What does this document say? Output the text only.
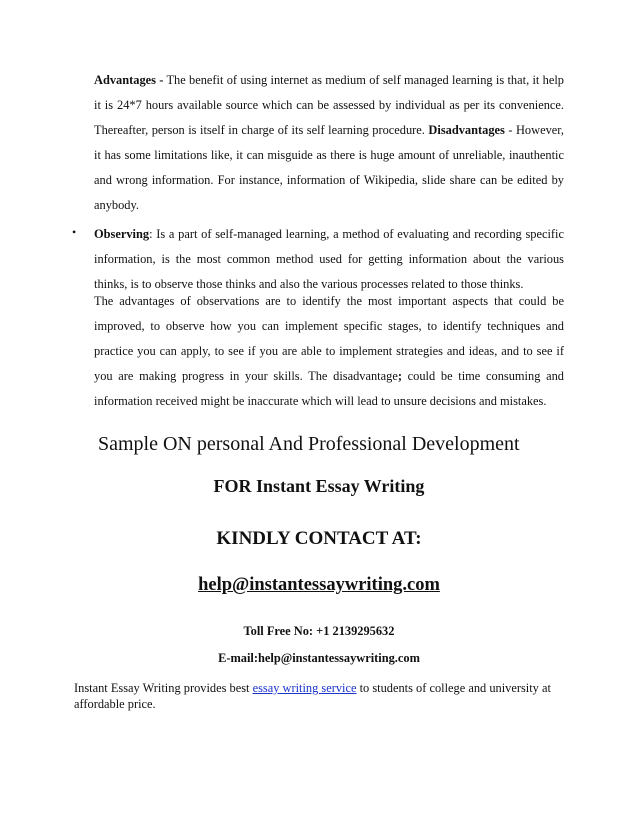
Advantages - The benefit of using internet as medium of self managed learning is that, it help it is 24*7 hours available source which can be assessed by individual as per its convenience. Thereafter, person is itself in charge of its self learning procedure. Disadvantages - However, it has some limitations like, it can misguide as there is huge amount of unreliable, inauthentic and wrong information. For instance, information of Wikipedia, slide share can be edited by anybody.
• Observing: Is a part of self-managed learning, a method of evaluating and recording specific information, is the most common method used for getting information about the various thinks, is to observe those thinks and also the various processes related to those thinks.
The advantages of observations are to identify the most important aspects that could be improved, to observe how you can implement specific stages, to identify techniques and practice you can apply, to see if you are able to implement strategies and ideas, and to see if you are making progress in your skills. The disadvantage; could be time consuming and information received might be inaccurate which will lead to unsure decisions and mistakes.
Sample ON personal And Professional Development
FOR Instant Essay Writing
KINDLY CONTACT AT:
help@instantessaywriting.com
Toll Free No: +1 2139295632
E-mail:help@instantessaywriting.com
Instant Essay Writing provides best essay writing service to students of college and university at affordable price.
